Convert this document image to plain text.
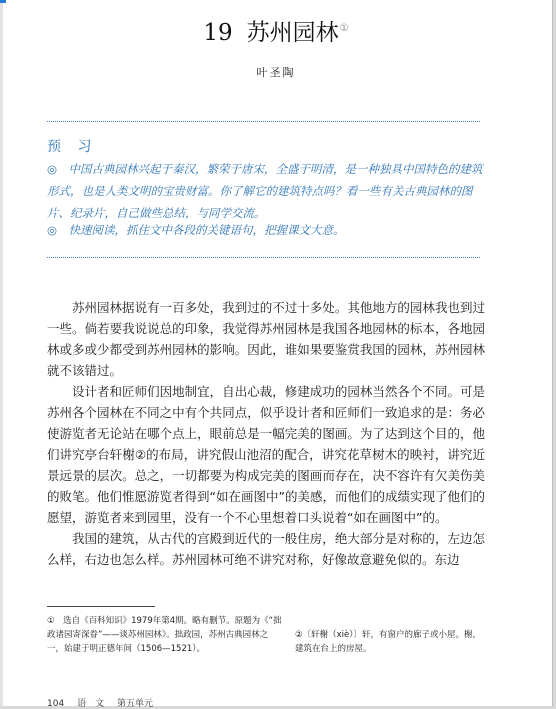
19 苏州园林①
叶圣陶
预 习
◎　中国古典园林兴起于秦汉，繁荣于唐宋，全盛于明清，是一种独具中国特色的建筑形式，也是人类文明的宝贵财富。你了解它的建筑特点吗？看一些有关古典园林的图片、纪录片，自己做些总结，与同学交流。
◎　快速阅读，抓住文中各段的关键语句，把握课文大意。

苏州园林据说有一百多处，我到过的不过十多处。其他地方的园林我也到过一些。倘若要我说说总的印象，我觉得苏州园林是我国各地园林的标本，各地园林或多或少都受到苏州园林的影响。因此，谁如果要鉴赏我国的园林，苏州园林就不该错过。

设计者和匠师们因地制宜，自出心裁，修建成功的园林当然各个不同。可是苏州各个园林在不同之中有个共同点，似乎设计者和匠师们一致追求的是：务必使游览者无论站在哪个点上，眼前总是一幅完美的图画。为了达到这个目的，他们讲究亭台轩榭②的布局，讲究假山池沼的配合，讲究花草树木的映衬，讲究近景远景的层次。总之，一切都要为构成完美的图画而存在，决不容许有欠美伤美的败笔。他们惟愿游览者得到“如在画图中”的美感，而他们的成绩实现了他们的愿望，游览者来到园里，没有一个不心里想着口头说着“如在画图中”的。

我国的建筑，从古代的宫殿到近代的一般住房，绝大部分是对称的，左边怎么样，右边也怎么样。苏州园林可绝不讲究对称，好像故意避免似的。东边

①　选自《百科知识》1979年第4期。略有删节。原题为《“拙政诸园寄深眷”——谈苏州园林》。拙政园，苏州古典园林之一，始建于明正德年间（1506—1521）。
②〔轩榭（xiè）〕轩，有窗户的廊子或小屋。榭，建筑在台上的房屋。
104 语　文 第五单元
